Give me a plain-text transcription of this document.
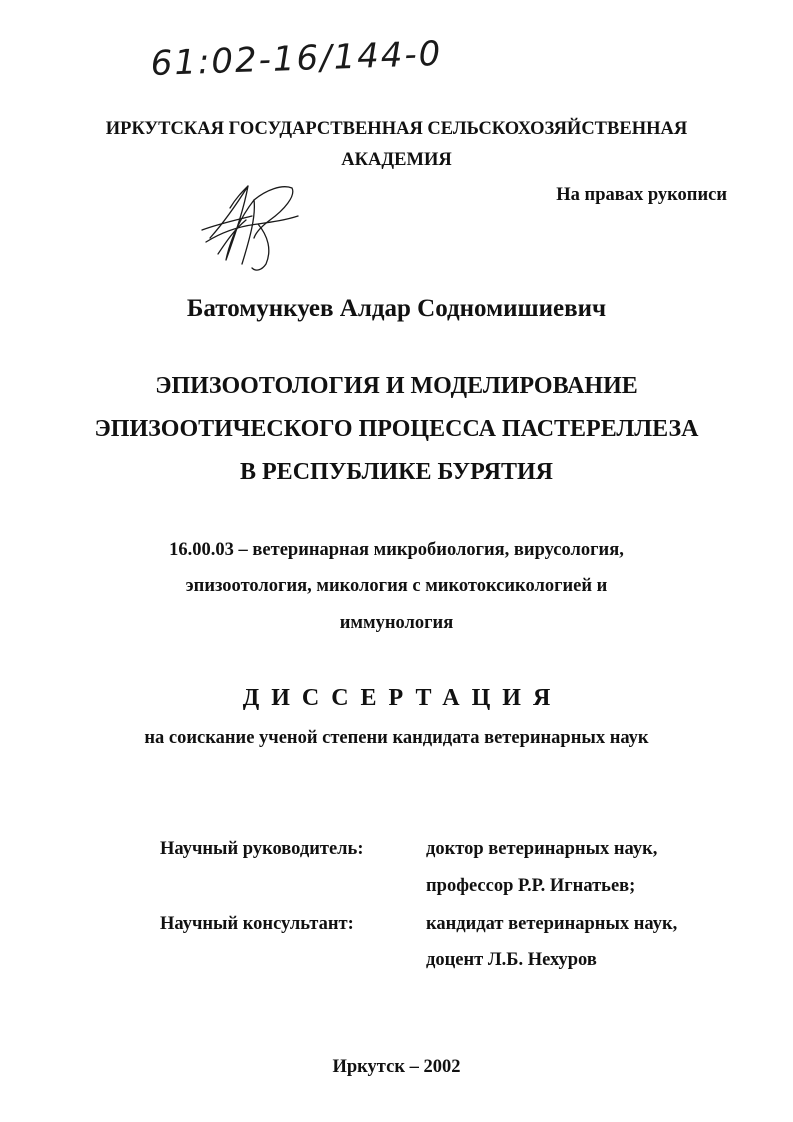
61:02-16/144-0
ИРКУТСКАЯ ГОСУДАРСТВЕННАЯ СЕЛЬСКОХОЗЯЙСТВЕННАЯ
АКАДЕМИЯ
На правах рукописи
Батомункуев Алдар Содномишиевич
ЭПИЗООТОЛОГИЯ И МОДЕЛИРОВАНИЕ
ЭПИЗООТИЧЕСКОГО ПРОЦЕССА ПАСТЕРЕЛЛЕЗА
В РЕСПУБЛИКЕ БУРЯТИЯ
16.00.03 – ветеринарная микробиология, вирусология,
эпизоотология, микология с микотоксикологией и
иммунология
ДИССЕРТАЦИЯ
на соискание ученой степени кандидата ветеринарных наук
Научный руководитель:	доктор ветеринарных наук,
профессор Р.Р. Игнатьев;
Научный консультант:	кандидат ветеринарных наук,
доцент Л.Б. Нехуров
Иркутск – 2002
